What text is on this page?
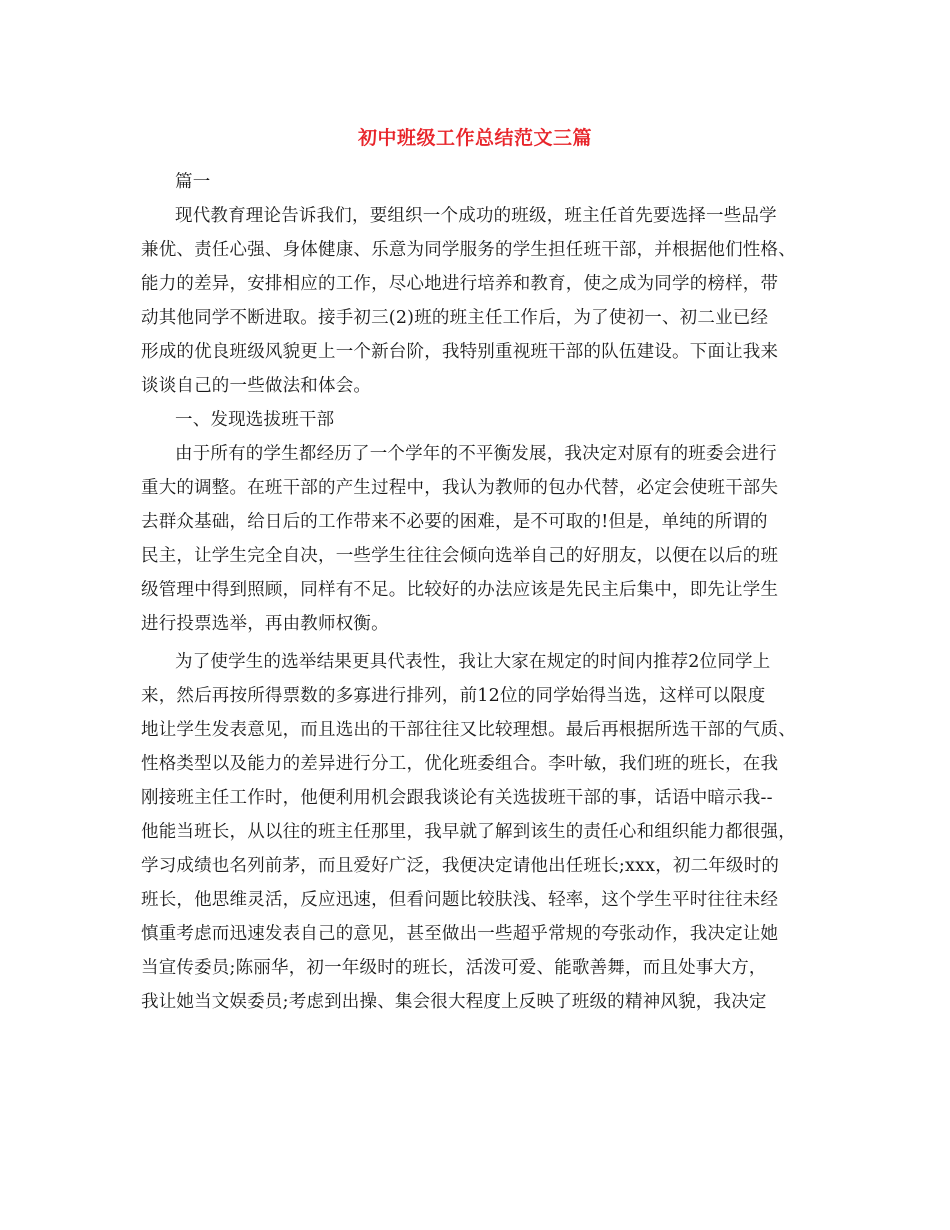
初中班级工作总结范文三篇
篇一
现代教育理论告诉我们，要组织一个成功的班级，班主任首先要选择一些品学
兼优、责任心强、身体健康、乐意为同学服务的学生担任班干部，并根据他们性格、
能力的差异，安排相应的工作，尽心地进行培养和教育，使之成为同学的榜样，带
动其他同学不断进取。接手初三(2)班的班主任工作后，为了使初一、初二业已经
形成的优良班级风貌更上一个新台阶，我特别重视班干部的队伍建设。下面让我来
谈谈自己的一些做法和体会。
一、发现选拔班干部
由于所有的学生都经历了一个学年的不平衡发展，我决定对原有的班委会进行
重大的调整。在班干部的产生过程中，我认为教师的包办代替，必定会使班干部失
去群众基础，给日后的工作带来不必要的困难，是不可取的!但是，单纯的所谓的
民主，让学生完全自决，一些学生往往会倾向选举自己的好朋友，以便在以后的班
级管理中得到照顾，同样有不足。比较好的办法应该是先民主后集中，即先让学生
进行投票选举，再由教师权衡。
为了使学生的选举结果更具代表性，我让大家在规定的时间内推荐2位同学上
来，然后再按所得票数的多寡进行排列，前12位的同学始得当选，这样可以限度
地让学生发表意见，而且选出的干部往往又比较理想。最后再根据所选干部的气质、
性格类型以及能力的差异进行分工，优化班委组合。李叶敏，我们班的班长，在我
刚接班主任工作时，他便利用机会跟我谈论有关选拔班干部的事，话语中暗示我--
他能当班长，从以往的班主任那里，我早就了解到该生的责任心和组织能力都很强，
学习成绩也名列前茅，而且爱好广泛，我便决定请他出任班长;xxx，初二年级时的
班长，他思维灵活，反应迅速，但看问题比较肤浅、轻率，这个学生平时往往未经
慎重考虑而迅速发表自己的意见，甚至做出一些超乎常规的夸张动作，我决定让她
当宣传委员;陈丽华，初一年级时的班长，活泼可爱、能歌善舞，而且处事大方，
我让她当文娱委员;考虑到出操、集会很大程度上反映了班级的精神风貌，我决定
